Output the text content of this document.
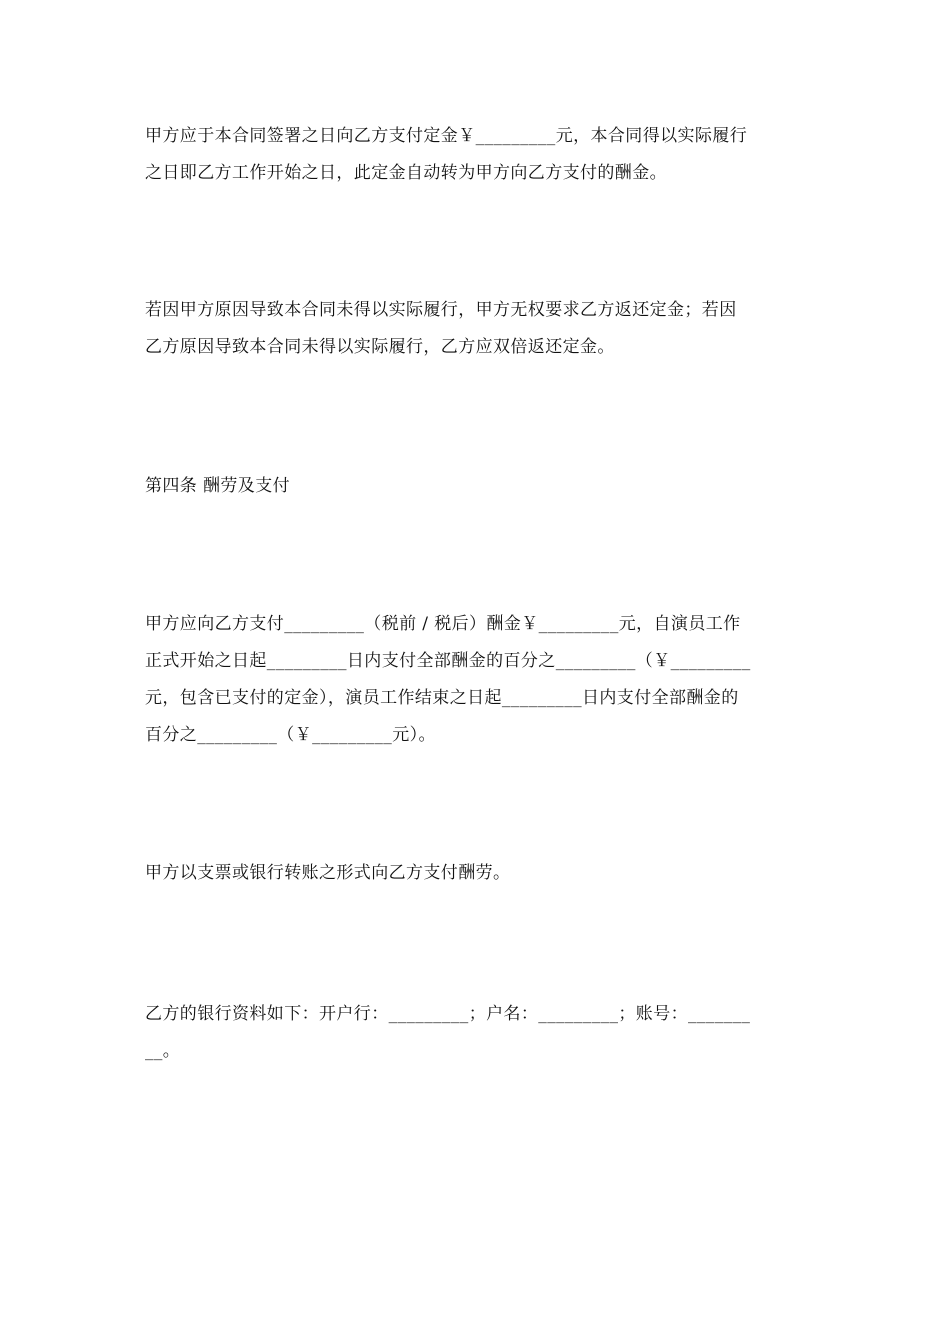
甲方应于本合同签署之日向乙方支付定金￥_________元，本合同得以实际履行
之日即乙方工作开始之日，此定金自动转为甲方向乙方支付的酬金。

若因甲方原因导致本合同未得以实际履行，甲方无权要求乙方返还定金；若因
乙方原因导致本合同未得以实际履行，乙方应双倍返还定金。

第四条 酬劳及支付

甲方应向乙方支付_________（税前 / 税后）酬金￥_________元，自演员工作
正式开始之日起_________日内支付全部酬金的百分之_________（￥_________
元，包含已支付的定金），演员工作结束之日起_________日内支付全部酬金的
百分之_________（￥_________元）。

甲方以支票或银行转账之形式向乙方支付酬劳。

乙方的银行资料如下：开户行：_________；户名：_________；账号：_______
__。
